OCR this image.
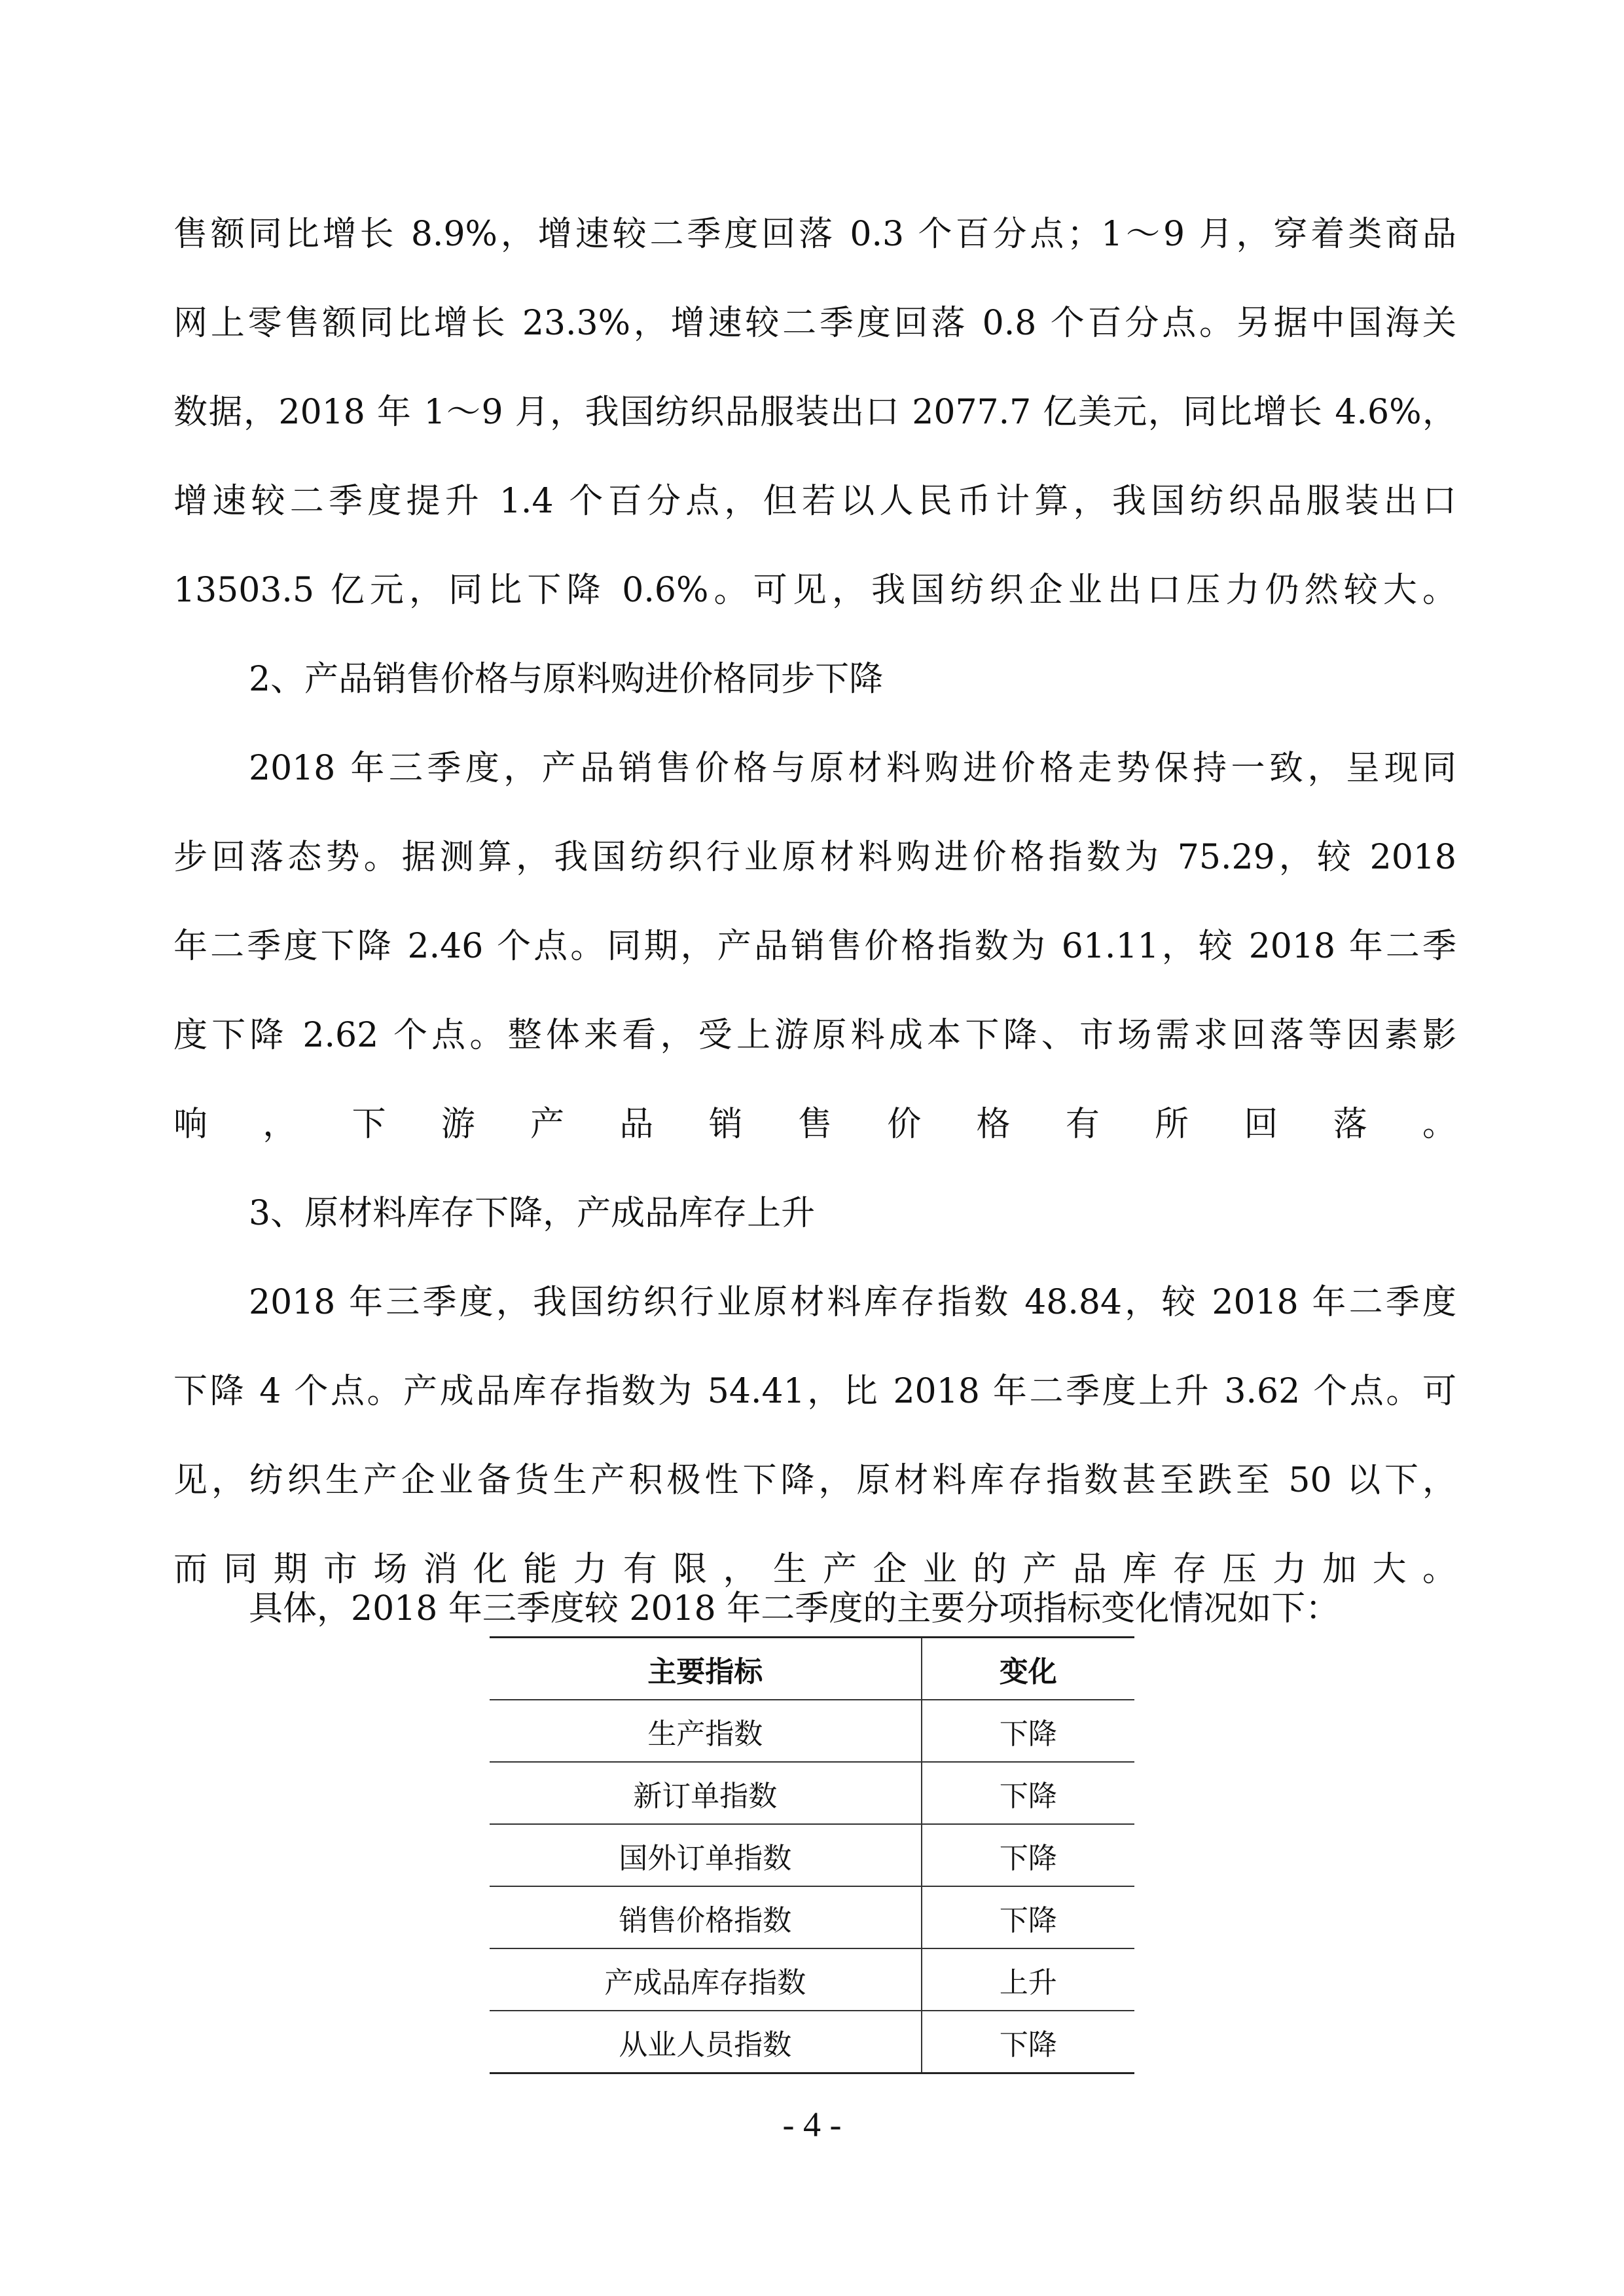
售额同比增长 8.9%，增速较二季度回落 0.3 个百分点；1～9 月，穿着类商品
网上零售额同比增长 23.3%，增速较二季度回落 0.8 个百分点。另据中国海关
数据，2018 年 1～9 月，我国纺织品服装出口 2077.7 亿美元，同比增长 4.6%，
增速较二季度提升 1.4 个百分点，但若以人民币计算，我国纺织品服装出口
13503.5 亿元，同比下降 0.6%。可见，我国纺织企业出口压力仍然较大。
2、产品销售价格与原料购进价格同步下降
2018 年三季度，产品销售价格与原材料购进价格走势保持一致，呈现同
步回落态势。据测算，我国纺织行业原材料购进价格指数为 75.29，较 2018
年二季度下降 2.46 个点。同期，产品销售价格指数为 61.11，较 2018 年二季
度下降 2.62 个点。整体来看，受上游原料成本下降、市场需求回落等因素影
响，下游产品销售价格有所回落。
3、原材料库存下降，产成品库存上升
2018 年三季度，我国纺织行业原材料库存指数 48.84，较 2018 年二季度
下降 4 个点。产成品库存指数为 54.41，比 2018 年二季度上升 3.62 个点。可
见，纺织生产企业备货生产积极性下降，原材料库存指数甚至跌至 50 以下，
而同期市场消化能力有限，生产企业的产品库存压力加大。
具体，2018 年三季度较 2018 年二季度的主要分项指标变化情况如下：
主要指标	变化
生产指数	下降
新订单指数	下降
国外订单指数	下降
销售价格指数	下降
产成品库存指数	上升
从业人员指数	下降
- 4 -
